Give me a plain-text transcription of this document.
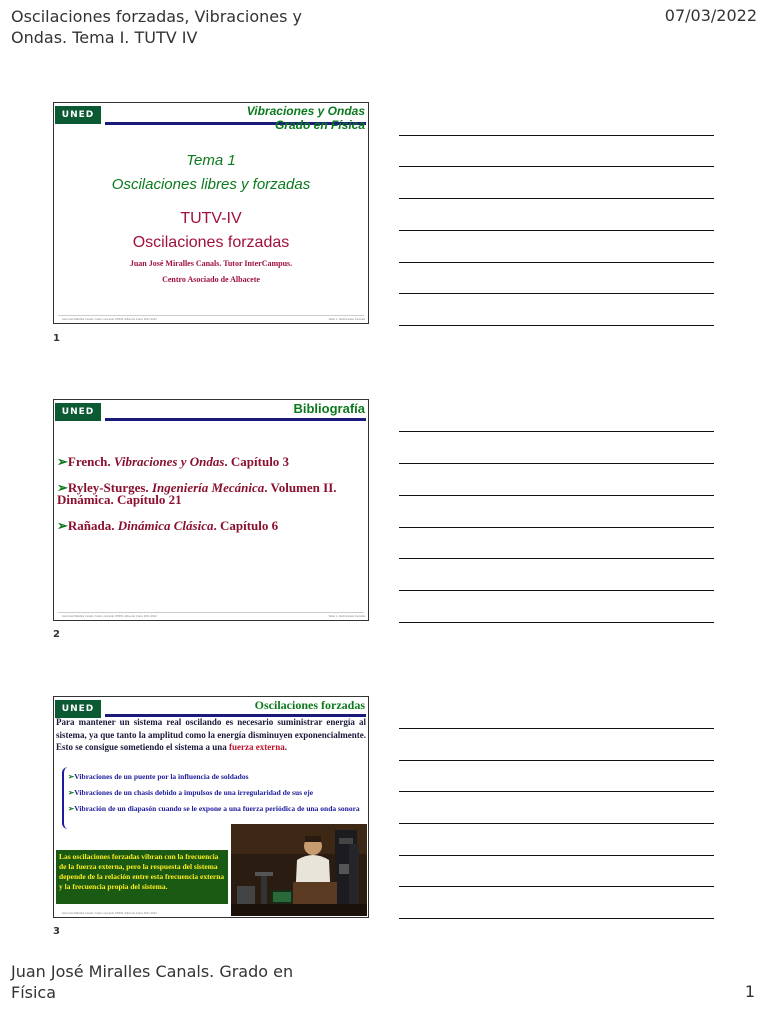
Oscilaciones forzadas, Vibraciones y Ondas. Tema I. TUTV IV
07/03/2022
UNED	Vibraciones y Ondas
Grado en Física
Tema 1
Oscilaciones libres y forzadas
TUTV-IV
Oscilaciones forzadas
Juan José Miralles Canals. Tutor InterCampus.
Centro Asociado de Albacete
Juan José Miralles Canals. Centro asociado UNED. Albacete Curso 2021-2022	Tema 1. Oscilaciones forzadas
1
UNED	Bibliografía
➢French. Vibraciones y Ondas. Capítulo 3
➢Ryley-Sturges. Ingeniería Mecánica. Volumen II. Dinámica. Capítulo 21
➢Rañada. Dinámica Clásica. Capítulo 6
Juan José Miralles Canals. Centro asociado UNED. Albacete Curso 2021-2022	Tema 1. Oscilaciones forzadas
2
UNED	Oscilaciones forzadas
Para mantener un sistema real oscilando es necesario suministrar energía al sistema, ya que tanto la amplitud como la energía disminuyen exponencialmente. Esto se consigue sometiendo el sistema a una fuerza externa.
➢Vibraciones de un puente por la influencia de soldados
➢Vibraciones de un chasis debido a impulsos de una irregularidad de sus eje
➢Vibración de un diapasón cuando se le expone a una fuerza periódica de una onda sonora
Las oscilaciones forzadas vibran con la frecuencia de la fuerza externa, pero la respuesta del sistema depende de la relación entre esta frecuencia externa y la frecuencia propia del sistema.
Juan José Miralles Canals. Centro asociado UNED. Albacete Curso 2021-2022
3
Juan José Miralles Canals. Grado en Física	1
